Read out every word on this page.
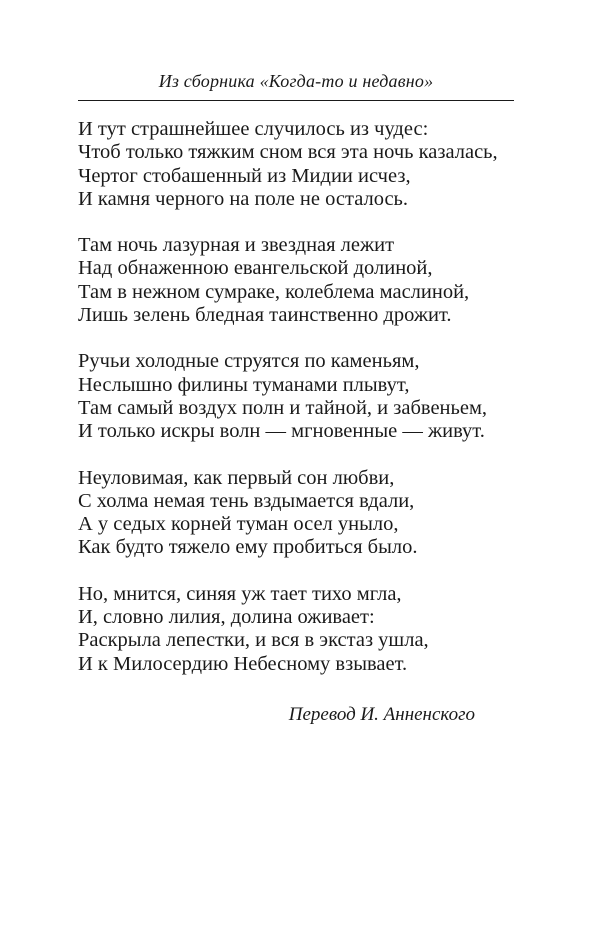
Из сборника «Когда-то и недавно»
И тут страшнейшее случилось из чудес:
Чтоб только тяжким сном вся эта ночь казалась,
Чертог стобашенный из Мидии исчез,
И камня черного на поле не осталось.
Там ночь лазурная и звездная лежит
Над обнаженною евангельской долиной,
Там в нежном сумраке, колеблема маслиной,
Лишь зелень бледная таинственно дрожит.
Ручьи холодные струятся по каменьям,
Неслышно филины туманами плывут,
Там самый воздух полн и тайной, и забвеньем,
И только искры волн — мгновенные — живут.
Неуловимая, как первый сон любви,
С холма немая тень вздымается вдали,
А у седых корней туман осел уныло,
Как будто тяжело ему пробиться было.
Но, мнится, синяя уж тает тихо мгла,
И, словно лилия, долина оживает:
Раскрыла лепестки, и вся в экстаз ушла,
И к Милосердию Небесному взывает.
Перевод И. Анненского
